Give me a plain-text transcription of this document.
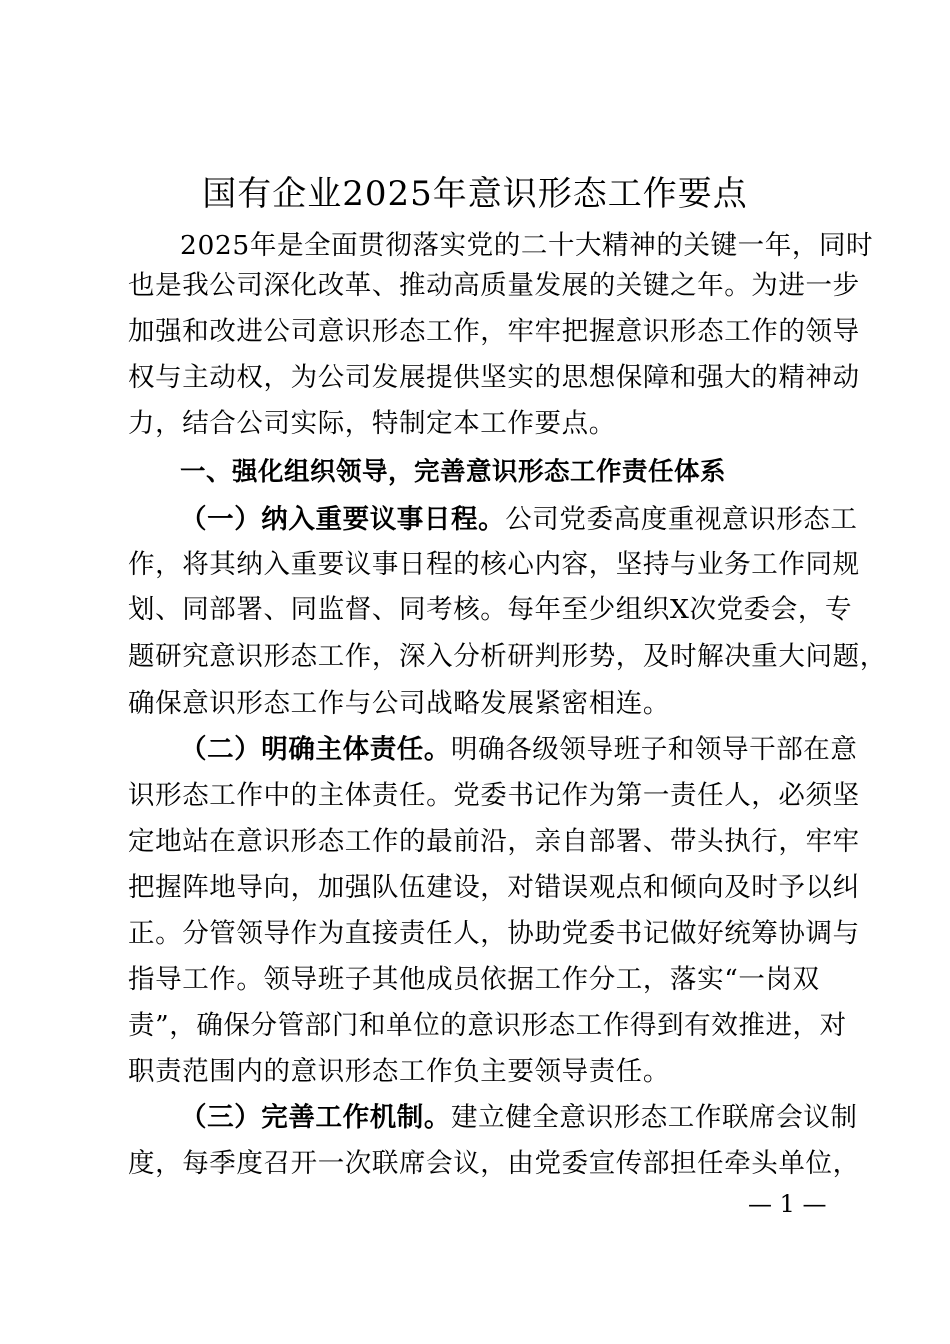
国有企业2025年意识形态工作要点
2025年是全面贯彻落实党的二十大精神的关键一年，同时
也是我公司深化改革、推动高质量发展的关键之年。为进一步
加强和改进公司意识形态工作，牢牢把握意识形态工作的领导
权与主动权，为公司发展提供坚实的思想保障和强大的精神动
力，结合公司实际，特制定本工作要点。
一、强化组织领导，完善意识形态工作责任体系
（一）纳入重要议事日程。公司党委高度重视意识形态工
作，将其纳入重要议事日程的核心内容，坚持与业务工作同规
划、同部署、同监督、同考核。每年至少组织X次党委会，专
题研究意识形态工作，深入分析研判形势，及时解决重大问题，
确保意识形态工作与公司战略发展紧密相连。
（二）明确主体责任。明确各级领导班子和领导干部在意
识形态工作中的主体责任。党委书记作为第一责任人，必须坚
定地站在意识形态工作的最前沿，亲自部署、带头执行，牢牢
把握阵地导向，加强队伍建设，对错误观点和倾向及时予以纠
正。分管领导作为直接责任人，协助党委书记做好统筹协调与
指导工作。领导班子其他成员依据工作分工，落实“一岗双
责”，确保分管部门和单位的意识形态工作得到有效推进，对
职责范围内的意识形态工作负主要领导责任。
（三）完善工作机制。建立健全意识形态工作联席会议制
度，每季度召开一次联席会议，由党委宣传部担任牵头单位，
— 1 —
